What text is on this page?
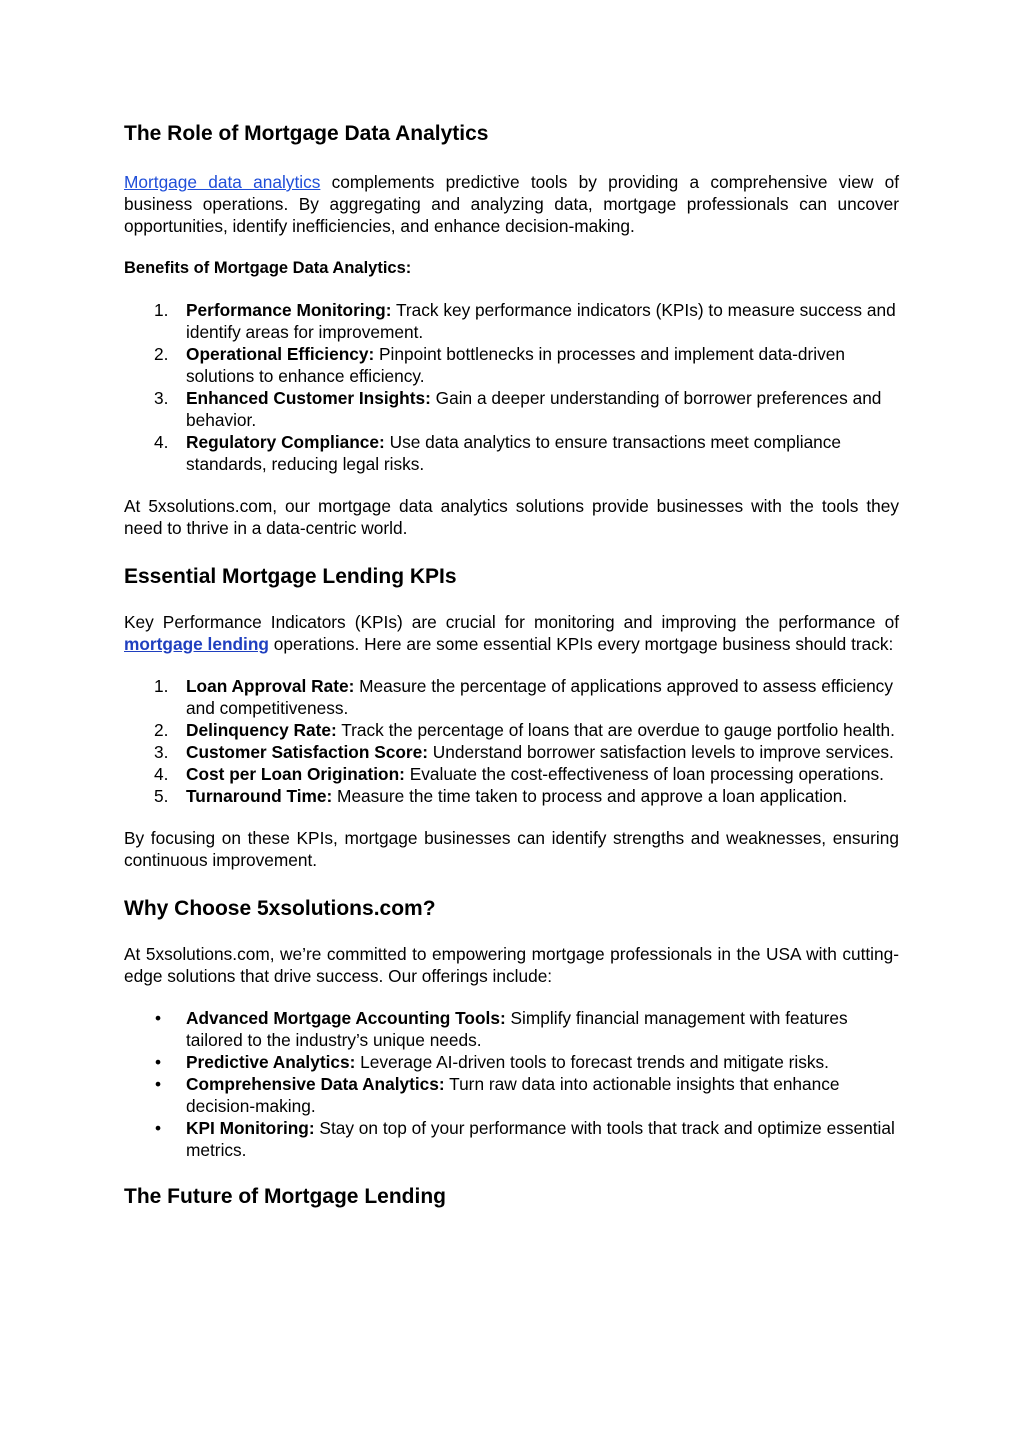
The Role of Mortgage Data Analytics

Mortgage data analytics complements predictive tools by providing a comprehensive view of business operations. By aggregating and analyzing data, mortgage professionals can uncover opportunities, identify inefficiencies, and enhance decision-making.

Benefits of Mortgage Data Analytics:

1.	Performance Monitoring: Track key performance indicators (KPIs) to measure success and identify areas for improvement.
2.	Operational Efficiency: Pinpoint bottlenecks in processes and implement data-driven solutions to enhance efficiency.
3.	Enhanced Customer Insights: Gain a deeper understanding of borrower preferences and behavior.
4.	Regulatory Compliance: Use data analytics to ensure transactions meet compliance standards, reducing legal risks.

At 5xsolutions.com, our mortgage data analytics solutions provide businesses with the tools they need to thrive in a data-centric world.

Essential Mortgage Lending KPIs

Key Performance Indicators (KPIs) are crucial for monitoring and improving the performance of mortgage lending operations. Here are some essential KPIs every mortgage business should track:

1.	Loan Approval Rate: Measure the percentage of applications approved to assess efficiency and competitiveness.
2.	Delinquency Rate: Track the percentage of loans that are overdue to gauge portfolio health.
3.	Customer Satisfaction Score: Understand borrower satisfaction levels to improve services.
4.	Cost per Loan Origination: Evaluate the cost-effectiveness of loan processing operations.
5.	Turnaround Time: Measure the time taken to process and approve a loan application.

By focusing on these KPIs, mortgage businesses can identify strengths and weaknesses, ensuring continuous improvement.

Why Choose 5xsolutions.com?

At 5xsolutions.com, we’re committed to empowering mortgage professionals in the USA with cutting-edge solutions that drive success. Our offerings include:

• Advanced Mortgage Accounting Tools: Simplify financial management with features tailored to the industry’s unique needs.
• Predictive Analytics: Leverage AI-driven tools to forecast trends and mitigate risks.
• Comprehensive Data Analytics: Turn raw data into actionable insights that enhance decision-making.
• KPI Monitoring: Stay on top of your performance with tools that track and optimize essential metrics.
The Future of Mortgage Lending
